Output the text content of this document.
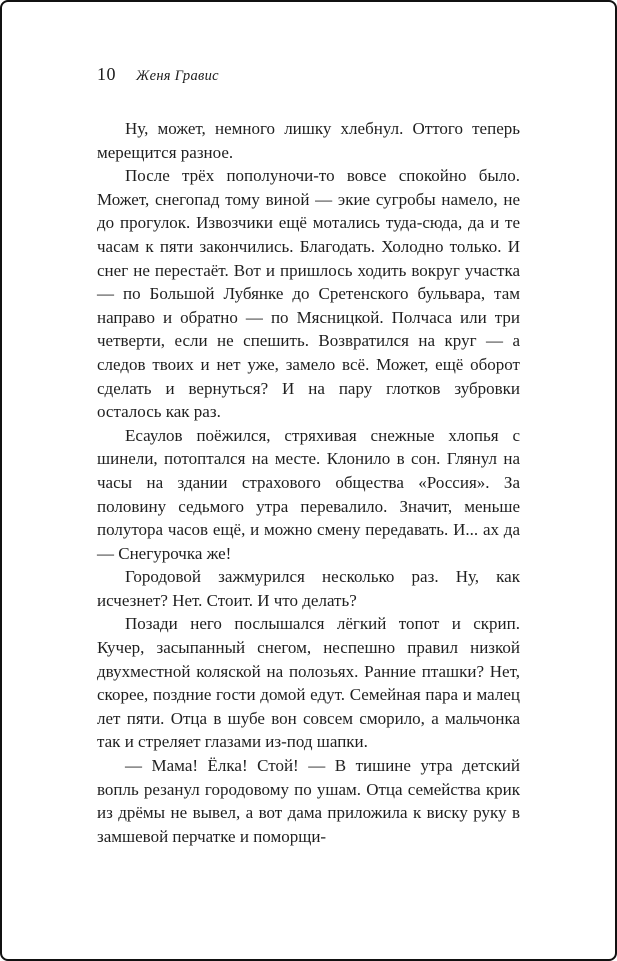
10 Женя Гравис

Ну, может, немного лишку хлебнул. Оттого теперь мерещится разное.

После трёх пополуночи-то вовсе спокойно было. Может, снегопад тому виной — экие сугробы намело, не до прогулок. Извозчики ещё мотались туда-сюда, да и те часам к пяти закончились. Благодать. Холодно только. И снег не перестаёт. Вот и пришлось ходить вокруг участка — по Большой Лубянке до Сретенского бульвара, там направо и обратно — по Мясницкой. Полчаса или три четверти, если не спешить. Возвратился на круг — а следов твоих и нет уже, замело всё. Может, ещё оборот сделать и вернуться? И на пару глотков зубровки осталось как раз.

Есаулов поёжился, стряхивая снежные хлопья с шинели, потоптался на месте. Клонило в сон. Глянул на часы на здании страхового общества «Россия». За половину седьмого утра перевалило. Значит, меньше полутора часов ещё, и можно смену передавать. И... ах да — Снегурочка же!

Городовой зажмурился несколько раз. Ну, как исчезнет? Нет. Стоит. И что делать?

Позади него послышался лёгкий топот и скрип. Кучер, засыпанный снегом, неспешно правил низкой двухместной коляской на полозьях. Ранние пташки? Нет, скорее, поздние гости домой едут. Семейная пара и малец лет пяти. Отца в шубе вон совсем сморило, а мальчонка так и стреляет глазами из-под шапки.

— Мама! Ёлка! Стой! — В тишине утра детский вопль резанул городовому по ушам. Отца семейства крик из дрёмы не вывел, а вот дама приложила к виску руку в замшевой перчатке и поморщи-
